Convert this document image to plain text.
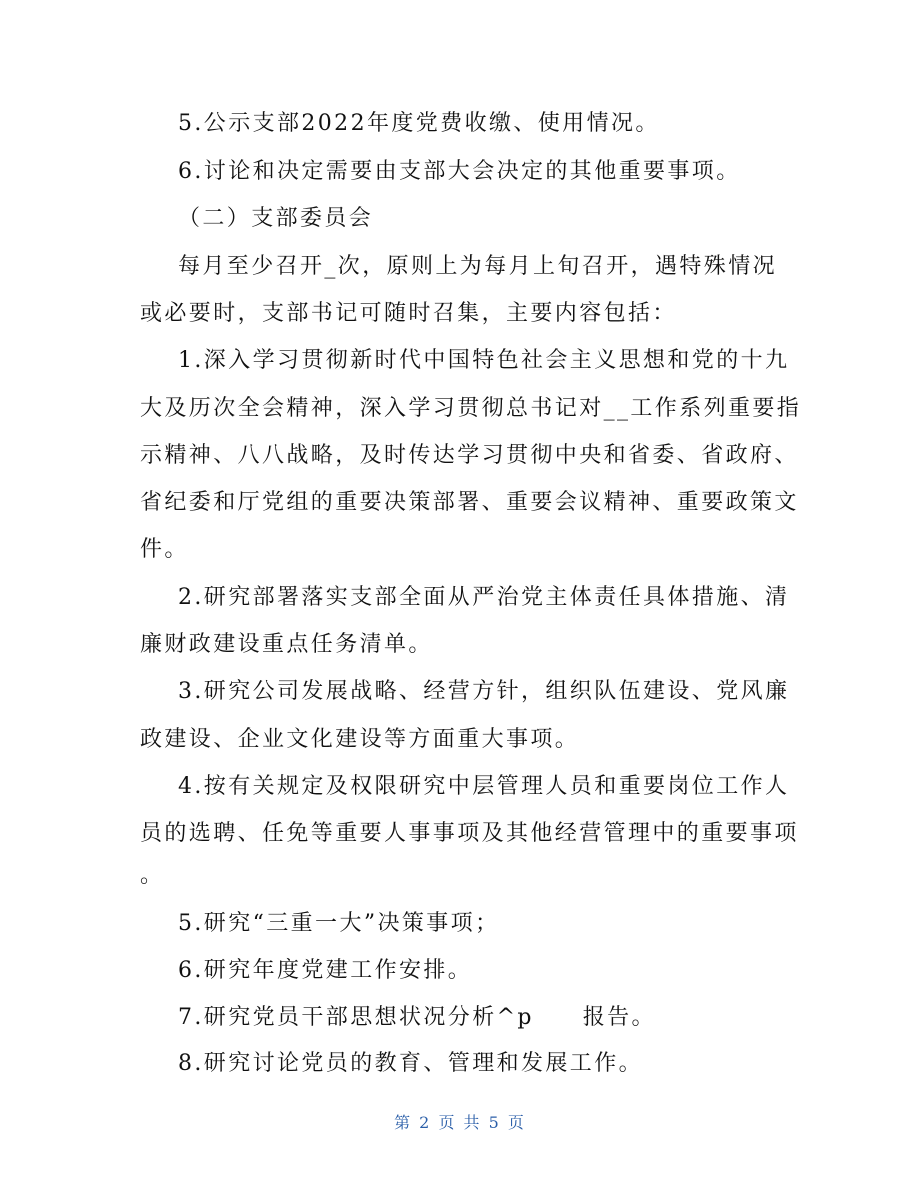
5.公示支部2022年度党费收缴、使用情况。
6.讨论和决定需要由支部大会决定的其他重要事项。
（二）支部委员会
每月至少召开_次，原则上为每月上旬召开，遇特殊情况
或必要时，支部书记可随时召集，主要内容包括：
1.深入学习贯彻新时代中国特色社会主义思想和党的十九
大及历次全会精神，深入学习贯彻总书记对__工作系列重要指
示精神、八八战略，及时传达学习贯彻中央和省委、省政府、
省纪委和厅党组的重要决策部署、重要会议精神、重要政策文
件。
2.研究部署落实支部全面从严治党主体责任具体措施、清
廉财政建设重点任务清单。
3.研究公司发展战略、经营方针，组织队伍建设、党风廉
政建设、企业文化建设等方面重大事项。
4.按有关规定及权限研究中层管理人员和重要岗位工作人
员的选聘、任免等重要人事事项及其他经营管理中的重要事项
。
5.研究“三重一大”决策事项；
6.研究年度党建工作安排。
7.研究党员干部思想状况分析^p　　报告。
8.研究讨论党员的教育、管理和发展工作。
第 2 页 共 5 页
